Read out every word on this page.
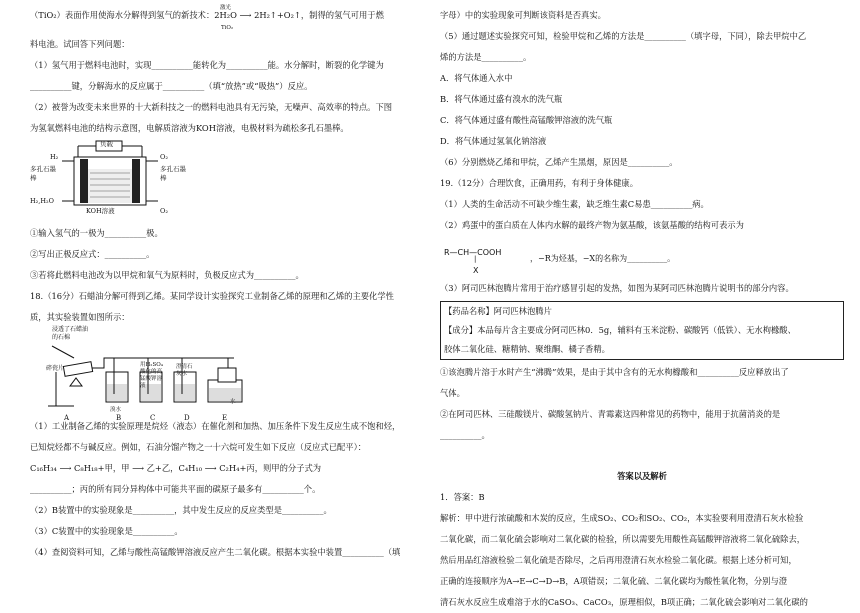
激光
TiO₂

（TiO₂）表面作用使海水分解得到氢气的新技术：2H₂O ⟶ 2H₂↑+O₂↑，制得的氢气可用于燃

料电池。试回答下列问题：

（1）氢气用于燃料电池时，实现__________能转化为__________能。水分解时，断裂的化学键为

__________键，分解海水的反应属于__________（填“放热”或“吸热”）反应。

（2）被誉为改变未来世界的十大新科技之一的燃料电池具有无污染，无噪声、高效率的特点。下图

为氢氧燃料电池的结构示意图，电解质溶液为KOH溶液，电极材料为疏松多孔石墨棒。

负载
H₂	O₂
多孔石墨棒
多孔石墨棒
H₂,H₂O
KOH溶液	O₂

①输入氢气的一极为__________极。

②写出正极反应式：__________。

③若将此燃料电池改为以甲烷和氧气为原料时，负极反应式为__________。

18.（16分）石蜡油分解可得到乙烯。某同学设计实验探究工业制备乙烯的原理和乙烯的主要化学性

质，其实验装置如图所示：

浸透了石蜡油的石棉
碎瓷片
A	B	C	D	E
溴水
用H₂SO₄酸化的高锰酸钾溶液
澄清石灰水
水

（1）工业制备乙烯的实验原理是烷烃（液态）在催化剂和加热、加压条件下发生反应生成不饱和烃，

已知烷烃都不与碱反应。例如，石油分馏产物之一十六烷可发生如下反应（反应式已配平）：

C₁₆H₃₄ ⟶ C₈H₁₈+甲，甲 ⟶ 乙+乙，C₄H₁₀ ⟶ C₂H₄+丙，则甲的分子式为

__________；丙的所有同分异构体中可能共平面的碳原子最多有__________个。

（2）B装置中的实验现象是__________，其中发生反应的反应类型是__________。

（3）C装置中的实验现象是__________。

（4）查阅资料可知，乙烯与酸性高锰酸钾溶液反应产生二氧化碳。根据本实验中装置__________（填

字母）中的实验现象可判断该资料是否真实。

（5）通过题述实验探究可知，检验甲烷和乙烯的方法是__________（填字母，下同），除去甲烷中乙

烯的方法是__________。

A．将气体通入水中

B．将气体通过盛有溴水的洗气瓶

C．将气体通过盛有酸性高锰酸钾溶液的洗气瓶

D．将气体通过氢氧化钠溶液

（6）分别燃烧乙烯和甲烷，乙烯产生黑烟，原因是__________。

19.（12分）合理饮食，正确用药，有利于身体健康。

（1）人类的生命活动不可缺少维生素，缺乏维生素C易患__________病。

（2）鸡蛋中的蛋白质在人体内水解的最终产物为氨基酸，该氨基酸的结构可表示为

R—CH—COOH
|
X
，−R为烃基，−X的名称为__________。

（3）阿司匹林泡腾片常用于治疗感冒引起的发热，如图为某阿司匹林泡腾片说明书的部分内容。

【药品名称】阿司匹林泡腾片

【成分】本品每片含主要成分阿司匹林0．5g，辅料有玉米淀粉、碳酸钙（低铁）、无水枸橼酸、

胶体二氧化硅、糖精钠、聚维酮、橘子香精。

①该泡腾片溶于水时产生“沸腾”效果，是由于其中含有的无水枸橼酸和__________反应释放出了

气体。

②在阿司匹林、三硅酸镁片、碳酸氢钠片、青霉素这四种常见的药物中，能用于抗菌消炎的是

__________。

答案以及解析

1．答案：B

解析：甲中进行浓硫酸和木炭的反应，生成SO₂、CO₂和SO₂、CO₂，本实验要利用澄清石灰水检验

二氧化碳，而二氧化硫会影响对二氧化碳的检验，所以需要先用酸性高锰酸钾溶液将二氧化硫除去，

然后用品红溶液检验二氧化硫是否除尽，之后再用澄清石灰水检验二氧化碳。根据上述分析可知，

正确的连接顺序为A→E→C→D→B，A项错误；二氧化硫、二氧化碳均为酸性氧化物，分别与澄

清石灰水反应生成难溶于水的CaSO₃、CaCO₃，原理相似，B项正确；二氧化硫会影响对二氧化碳的
